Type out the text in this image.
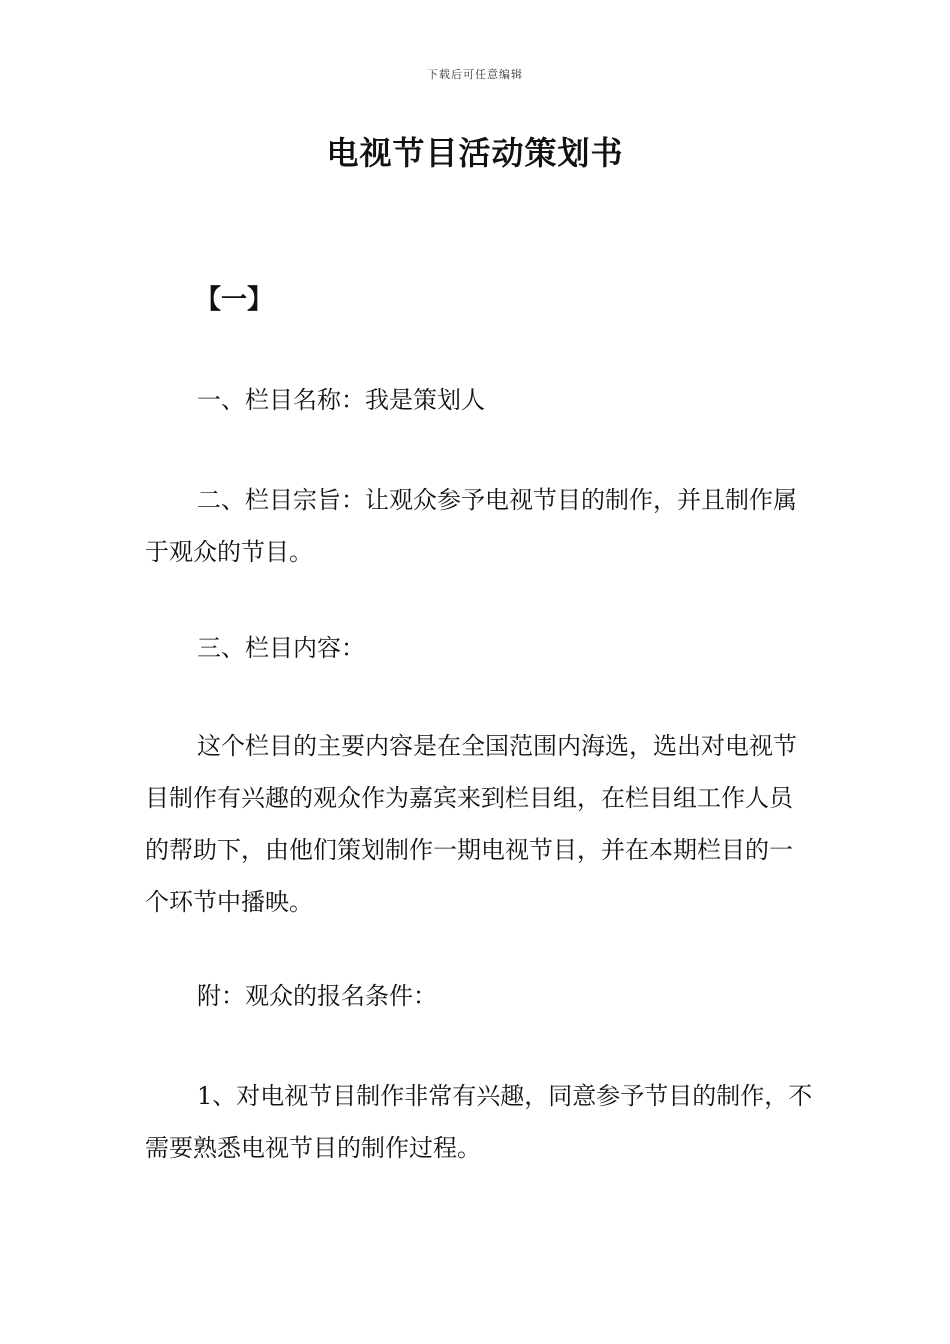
下载后可任意编辑
电视节目活动策划书
【一】

一、栏目名称：我是策划人

二、栏目宗旨：让观众参予电视节目的制作，并且制作属于观众的节目。

三、栏目内容：

这个栏目的主要内容是在全国范围内海选，选出对电视节目制作有兴趣的观众作为嘉宾来到栏目组，在栏目组工作人员的帮助下，由他们策划制作一期电视节目，并在本期栏目的一个环节中播映。

附：观众的报名条件：

1、对电视节目制作非常有兴趣，同意参予节目的制作，不需要熟悉电视节目的制作过程。
